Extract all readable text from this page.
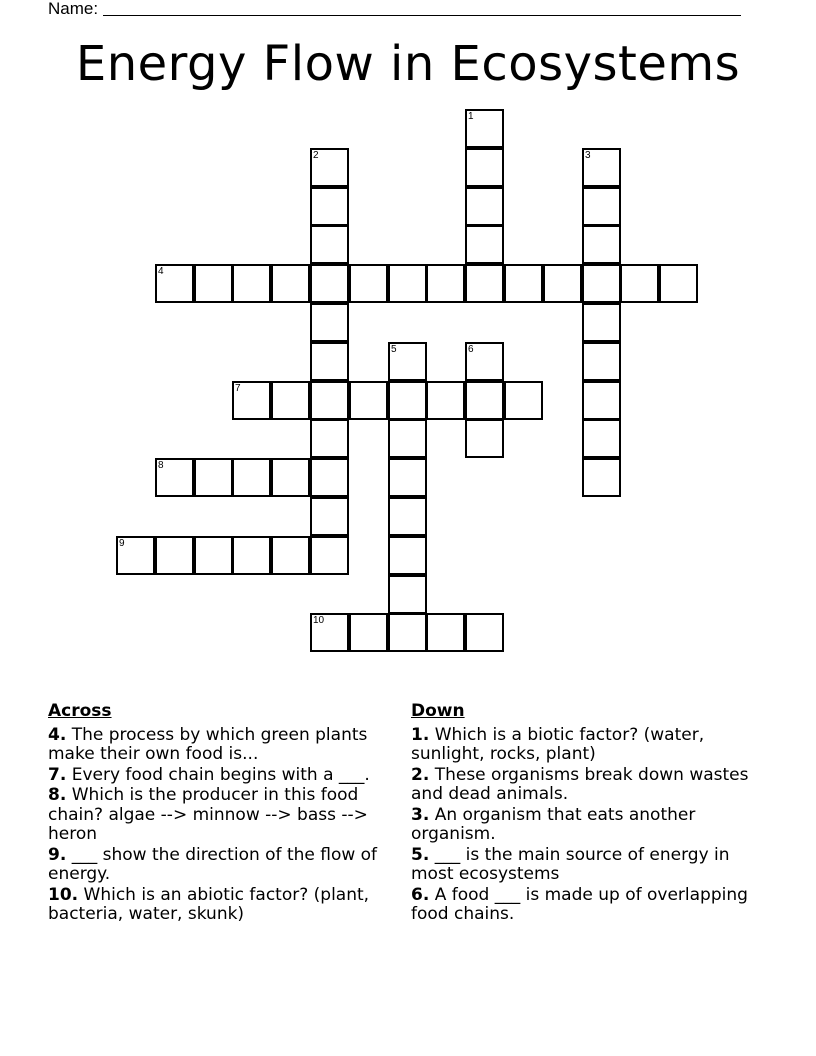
Name:
Energy Flow in Ecosystems
1
2	3
4
5	6
7
8
9
10
Across
4. The process by which green plants make their own food is...
7. Every food chain begins with a ___.
8. Which is the producer in this food chain? algae --> minnow --> bass --> heron
9. ___ show the direction of the flow of energy.
10. Which is an abiotic factor? (plant, bacteria, water, skunk)
Down
1. Which is a biotic factor? (water, sunlight, rocks, plant)
2. These organisms break down wastes and dead animals.
3. An organism that eats another organism.
5. ___ is the main source of energy in most ecosystems
6. A food ___ is made up of overlapping food chains.
